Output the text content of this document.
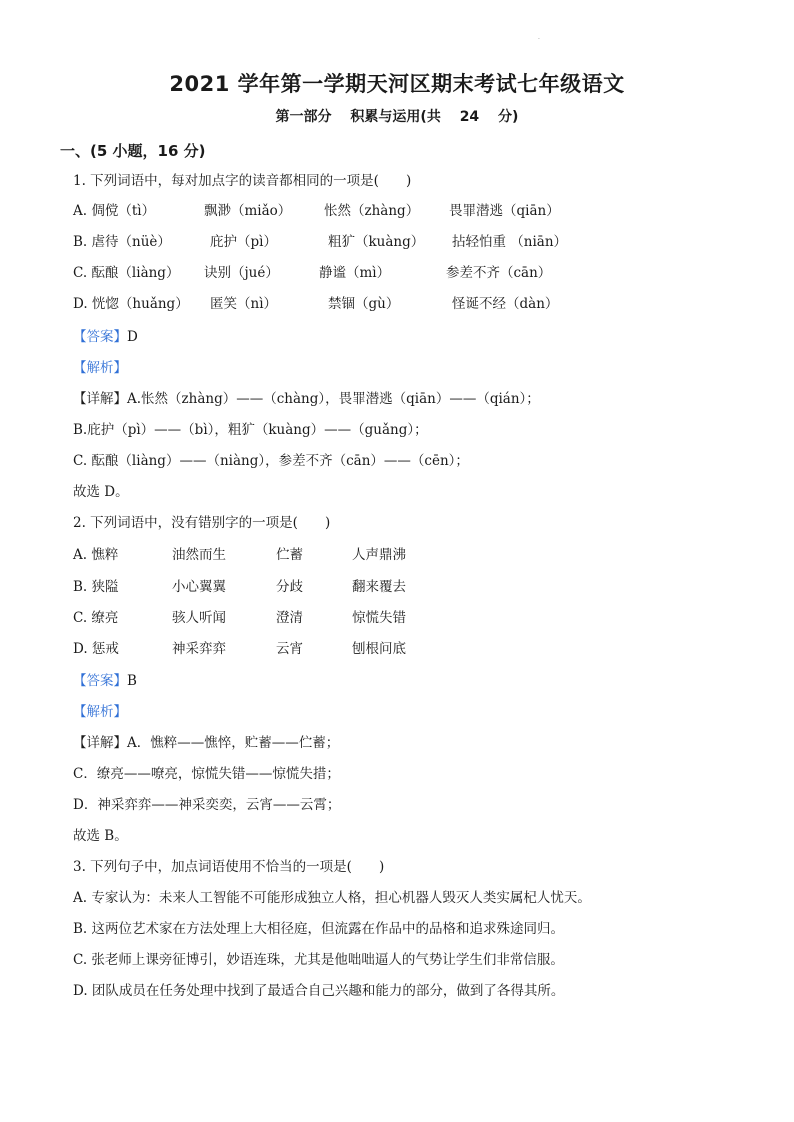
·
2021 学年第一学期天河区期末考试七年级语文
第一部分 积累与运用(共 24 分)
一、(5 小题，16 分)
1. 下列词语中，每对加点字的读音都相同的一项是(　　)
A. 倜傥（tì）	飘渺（miǎo） 怅然（zhàng） 畏罪潜逃（qiān）
B. 虐待（nüè）	庇护（pì）	粗犷（kuàng） 拈轻怕重 （niān）
C. 酝酿（liàng） 诀别（jué）	静谧（mì）	参差不齐（cān）
D. 恍惚（huǎng） 匿笑（nì）	禁锢（gù）	怪诞不经（dàn）
【答案】D
【解析】
【详解】A.怅然（zhàng）——（chàng），畏罪潜逃（qiān）——（qián）；
B.庇护（pì）——（bì），粗犷（kuàng）——（guǎng）；
C. 酝酿（liàng）——（niàng），参差不齐（cān）——（cēn）；
故选 D。
2. 下列词语中，没有错别字的一项是(　　)
A. 憔粹	油然而生	伫蓄	人声鼎沸
B. 狭隘	小心翼翼	分歧	翻来覆去
C. 缭亮	骇人听闻	澄清	惊慌失错
D. 惩戒	神采弈弈	云宵	刨根问底
【答案】B
【解析】
【详解】A．憔粹——憔悴，贮蓄——伫蓄；
C．缭亮——嘹亮，惊慌失错——惊慌失措；
D．神采弈弈——神采奕奕，云宵——云霄；
故选 B。
3. 下列句子中，加点词语使用不恰当的一项是(　　)
A. 专家认为：未来人工智能不可能形成独立人格，担心机器人毁灭人类实属杞人忧天。
B. 这两位艺术家在方法处理上大相径庭，但流露在作品中的品格和追求殊途同归。
C. 张老师上课旁征博引，妙语连珠，尤其是他咄咄逼人的气势让学生们非常信服。
D. 团队成员在任务处理中找到了最适合自己兴趣和能力的部分，做到了各得其所。
